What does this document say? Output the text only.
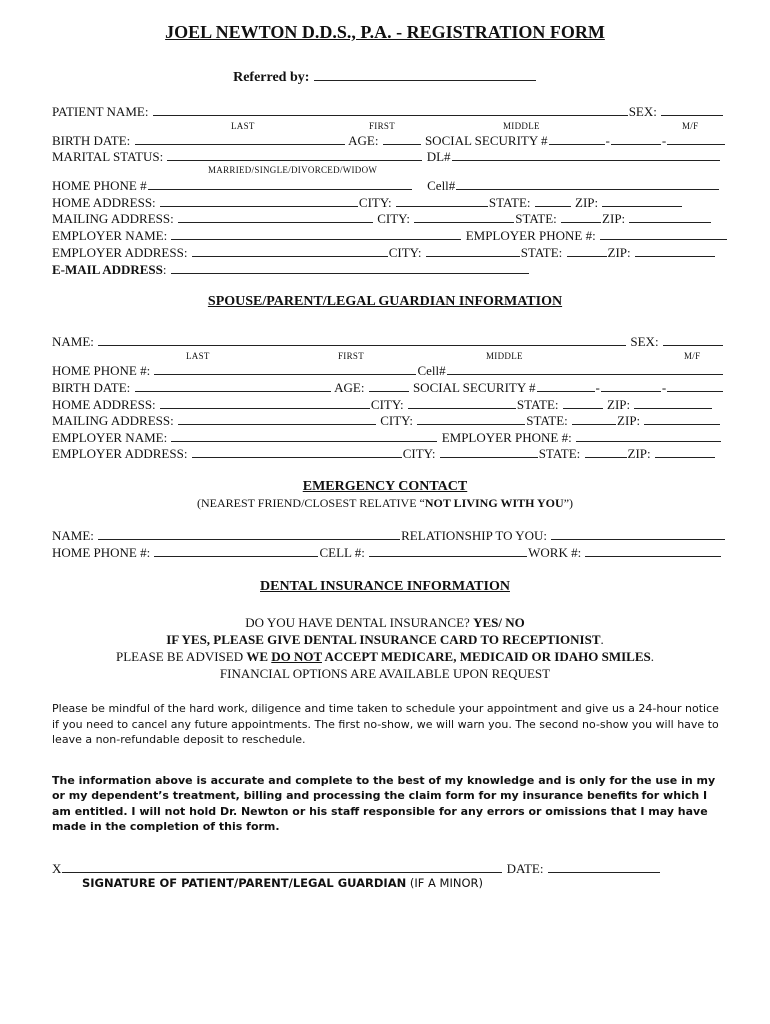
JOEL NEWTON D.D.S., P.A. - REGISTRATION FORM
Referred by:
PATIENT NAME:	SEX:
LAST	FIRST	MIDDLE	M/F
BIRTH DATE:	AGE:	SOCIAL SECURITY #	-	-
MARITAL STATUS:	DL#
MARRIED/SINGLE/DIVORCED/WIDOW
HOME PHONE #	Cell#
HOME ADDRESS:	CITY:	STATE:	ZIP:
MAILING ADDRESS:	CITY:	STATE:	ZIP:
EMPLOYER NAME:	EMPLOYER PHONE #:
EMPLOYER ADDRESS:	CITY:	STATE:	ZIP:
E-MAIL ADDRESS:
SPOUSE/PARENT/LEGAL GUARDIAN INFORMATION
NAME:	SEX:
LAST	FIRST	MIDDLE	M/F
HOME PHONE #:	Cell#
BIRTH DATE:	AGE:	SOCIAL SECURITY #	-	-
HOME ADDRESS:	CITY:	STATE:	ZIP:
MAILING ADDRESS:	CITY:	STATE:	ZIP:
EMPLOYER NAME:	EMPLOYER PHONE #:
EMPLOYER ADDRESS:	CITY:	STATE:	ZIP:
EMERGENCY CONTACT
(NEAREST FRIEND/CLOSEST RELATIVE “NOT LIVING WITH YOU”)
NAME:	RELATIONSHIP TO YOU:
HOME PHONE #:	CELL #:	WORK #:
DENTAL INSURANCE INFORMATION
DO YOU HAVE DENTAL INSURANCE? YES/ NO
IF YES, PLEASE GIVE DENTAL INSURANCE CARD TO RECEPTIONIST.
PLEASE BE ADVISED WE DO NOT ACCEPT MEDICARE, MEDICAID OR IDAHO SMILES.
FINANCIAL OPTIONS ARE AVAILABLE UPON REQUEST
Please be mindful of the hard work, diligence and time taken to schedule your appointment and give us a 24-hour notice if you need to cancel any future appointments. The first no-show, we will warn you. The second no-show you will have to leave a non-refundable deposit to reschedule.
The information above is accurate and complete to the best of my knowledge and is only for the use in my or my dependent’s treatment, billing and processing the claim form for my insurance benefits for which I am entitled. I will not hold Dr. Newton or his staff responsible for any errors or omissions that I may have made in the completion of this form.
X	DATE:
SIGNATURE OF PATIENT/PARENT/LEGAL GUARDIAN (IF A MINOR)
